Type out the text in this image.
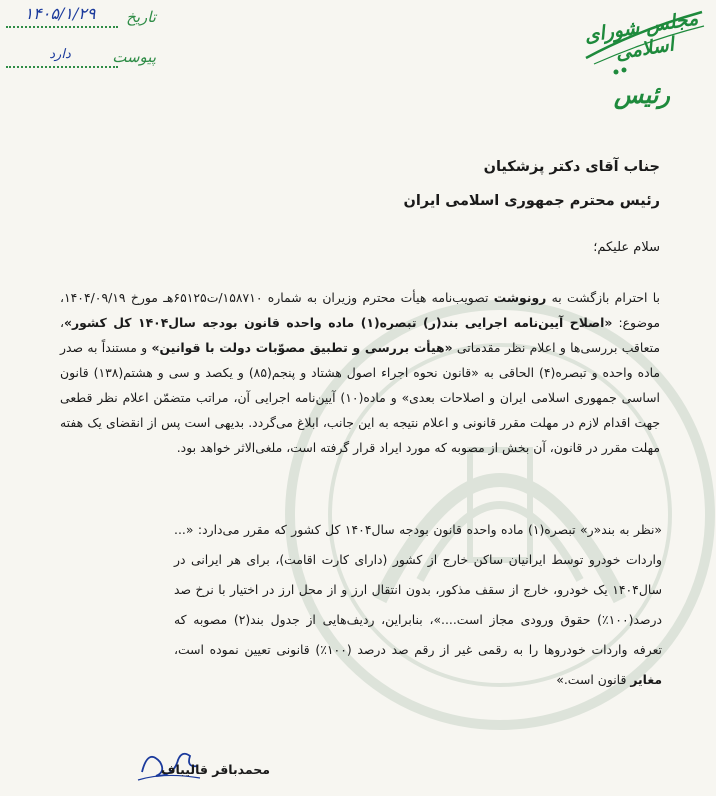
تاریخ
۱۴۰۵/۱/۲۹
پیوست
دارد
مجلس شورای اسلامی
رئیس
جناب آقای دکتر پزشکیان
رئیس محترم جمهوری اسلامی ایران
سلام علیکم؛
با احترام بازگشت به رونوشت تصویب‌نامه هیأت محترم وزیران به شماره ۱۵۸۷۱۰/ت۶۵۱۲۵هـ مورخ ۱۴۰۴/۰۹/۱۹، موضوع: «اصلاح آیین‌نامه اجرایی بند(ر) تبصره(۱) ماده واحده قانون بودجه سال۱۴۰۴ کل کشور»، متعاقب بررسی‌ها و اعلام نظر مقدماتی «هیأت بررسی و تطبیق مصوّبات دولت با قوانین» و مستنداً به صدر ماده واحده و تبصره(۴) الحاقی به «قانون نحوه اجراء اصول هشتاد و پنجم(۸۵) و یکصد و سی و هشتم(۱۳۸) قانون اساسی جمهوری اسلامی ایران و اصلاحات بعدی» و ماده(۱۰) آیین‌نامه اجرایی آن، مراتب متضمّن اعلام نظر قطعی جهت اقدام لازم در مهلت مقرر قانونی و اعلام نتیجه به این جانب، ابلاغ می‌گردد. بدیهی است پس از انقضای یک هفته مهلت مقرر در قانون، آن بخش از مصوبه که مورد ایراد قرار گرفته است، ملغی‌الاثر خواهد بود.
«نظر به بند«ر» تبصره(۱) ماده واحده قانون بودجه سال۱۴۰۴ کل کشور که مقرر می‌دارد: «... واردات خودرو توسط ایرانیان ساکن خارج از کشور (دارای کارت اقامت)، برای هر ایرانی در سال۱۴۰۴ یک خودرو، خارج از سقف مذکور، بدون انتقال ارز و از محل ارز در اختیار با نرخ صد درصد(۱۰۰٪) حقوق ورودی مجاز است....»، بنابراین، ردیف‌هایی از جدول بند(۲) مصوبه که تعرفه واردات خودروها را به رقمی غیر از رقم صد درصد (۱۰۰٪) قانونی تعیین نموده است، مغایر قانون است.»
محمدباقر قالیباف
